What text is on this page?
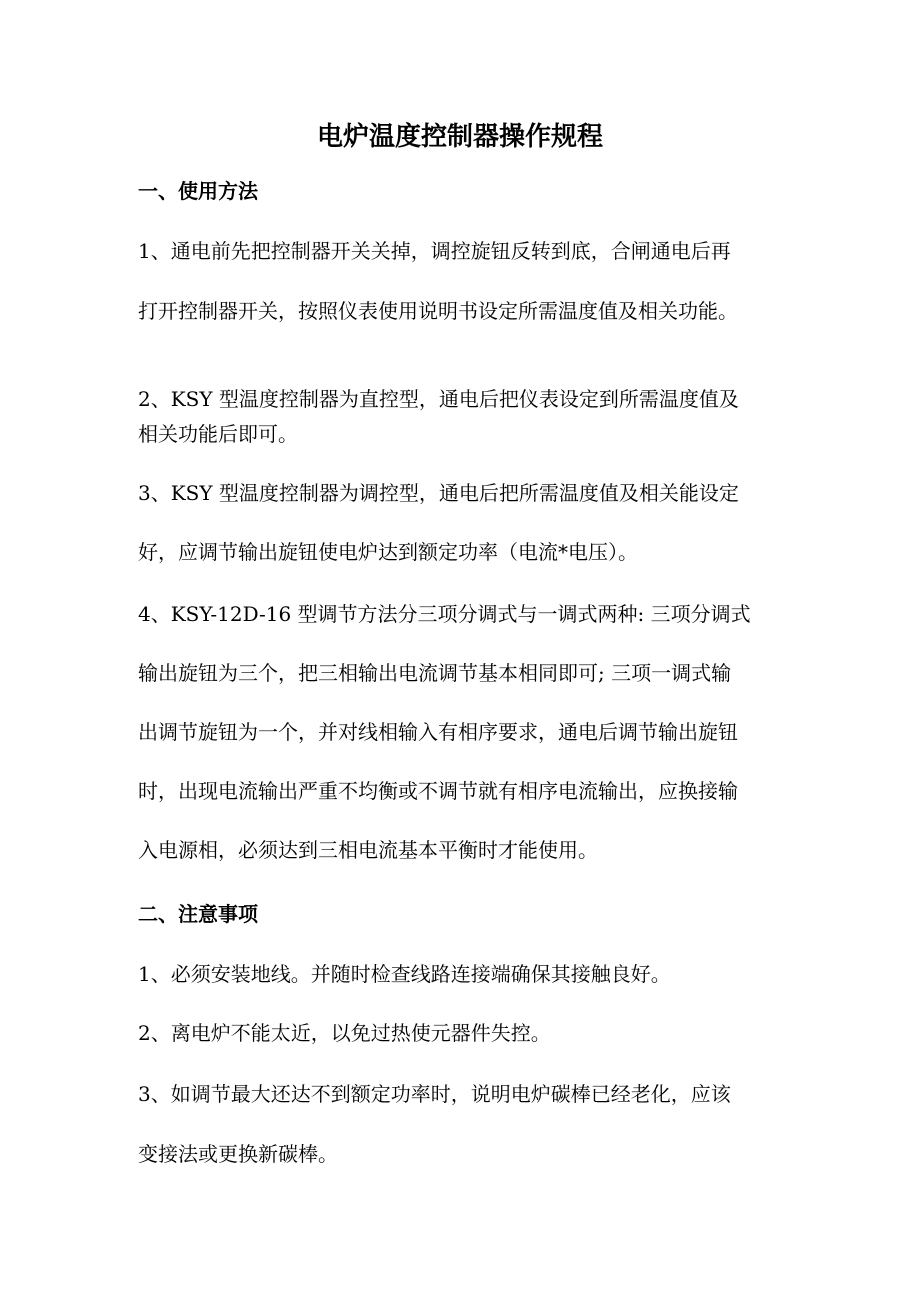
电炉温度控制器操作规程
一、使用方法
1、通电前先把控制器开关关掉，调控旋钮反转到底，合闸通电后再
打开控制器开关，按照仪表使用说明书设定所需温度值及相关功能。
2、KSY 型温度控制器为直控型，通电后把仪表设定到所需温度值及
相关功能后即可。
3、KSY 型温度控制器为调控型，通电后把所需温度值及相关能设定
好，应调节输出旋钮使电炉达到额定功率（电流*电压）。
4、KSY-12D-16 型调节方法分三项分调式与一调式两种: 三项分调式
输出旋钮为三个，把三相输出电流调节基本相同即可; 三项一调式输
出调节旋钮为一个，并对线相输入有相序要求，通电后调节输出旋钮
时，出现电流输出严重不均衡或不调节就有相序电流输出，应换接输
入电源相，必须达到三相电流基本平衡时才能使用。
二、注意事项
1、必须安装地线。并随时检查线路连接端确保其接触良好。
2、离电炉不能太近，以免过热使元器件失控。
3、如调节最大还达不到额定功率时，说明电炉碳棒已经老化，应该
变接法或更换新碳棒。
